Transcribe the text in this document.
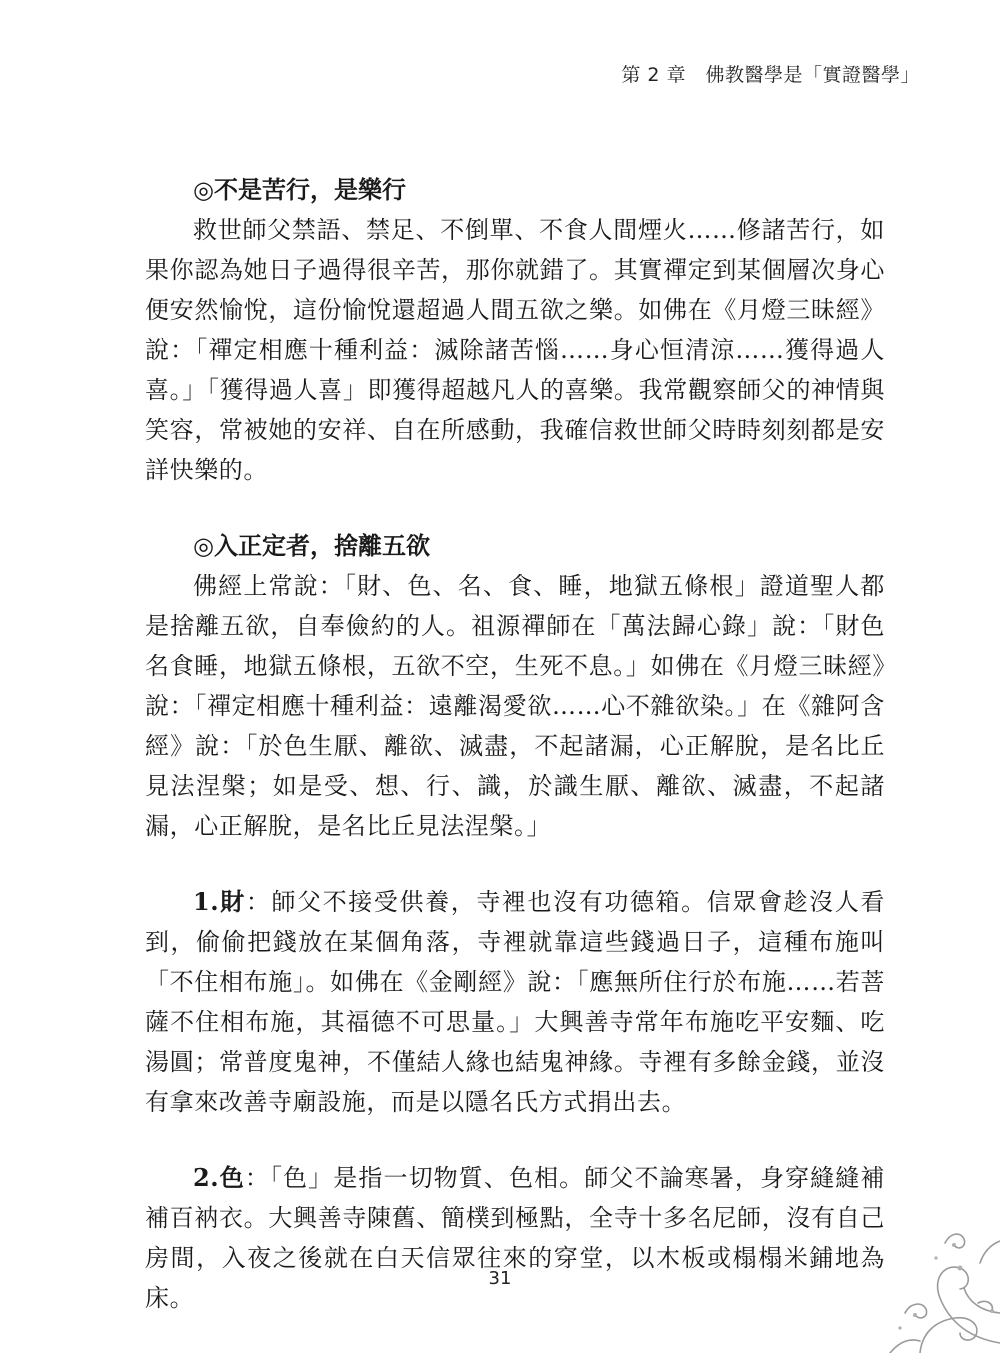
第 2 章　佛教醫學是「實證醫學」

◎不是苦行，是樂行

救世師父禁語、禁足、不倒單、不食人間煙火……修諸苦行，如果你認為她日子過得很辛苦，那你就錯了。其實禪定到某個層次身心便安然愉悅，這份愉悅還超過人間五欲之樂。如佛在《月燈三昧經》說：「禪定相應十種利益：滅除諸苦惱……身心恒清涼……獲得過人喜。」「獲得過人喜」即獲得超越凡人的喜樂。我常觀察師父的神情與笑容，常被她的安祥、自在所感動，我確信救世師父時時刻刻都是安詳快樂的。

◎入正定者，捨離五欲

佛經上常說：「財、色、名、食、睡，地獄五條根」證道聖人都是捨離五欲，自奉儉約的人。祖源禪師在「萬法歸心錄」說：「財色名食睡，地獄五條根，五欲不空，生死不息。」如佛在《月燈三昧經》說：「禪定相應十種利益：遠離渴愛欲……心不雜欲染。」在《雜阿含經》說：「於色生厭、離欲、滅盡，不起諸漏，心正解脫，是名比丘見法涅槃；如是受、想、行、識，於識生厭、離欲、滅盡，不起諸漏，心正解脫，是名比丘見法涅槃。」

1.財：師父不接受供養，寺裡也沒有功德箱。信眾會趁沒人看到，偷偷把錢放在某個角落，寺裡就靠這些錢過日子，這種布施叫「不住相布施」。如佛在《金剛經》說：「應無所住行於布施……若菩薩不住相布施，其福德不可思量。」大興善寺常年布施吃平安麵、吃湯圓；常普度鬼神，不僅結人緣也結鬼神緣。寺裡有多餘金錢，並沒有拿來改善寺廟設施，而是以隱名氏方式捐出去。

2.色：「色」是指一切物質、色相。師父不論寒暑，身穿縫縫補補百衲衣。大興善寺陳舊、簡樸到極點，全寺十多名尼師，沒有自己房間，入夜之後就在白天信眾往來的穿堂，以木板或榻榻米鋪地為床。

31
